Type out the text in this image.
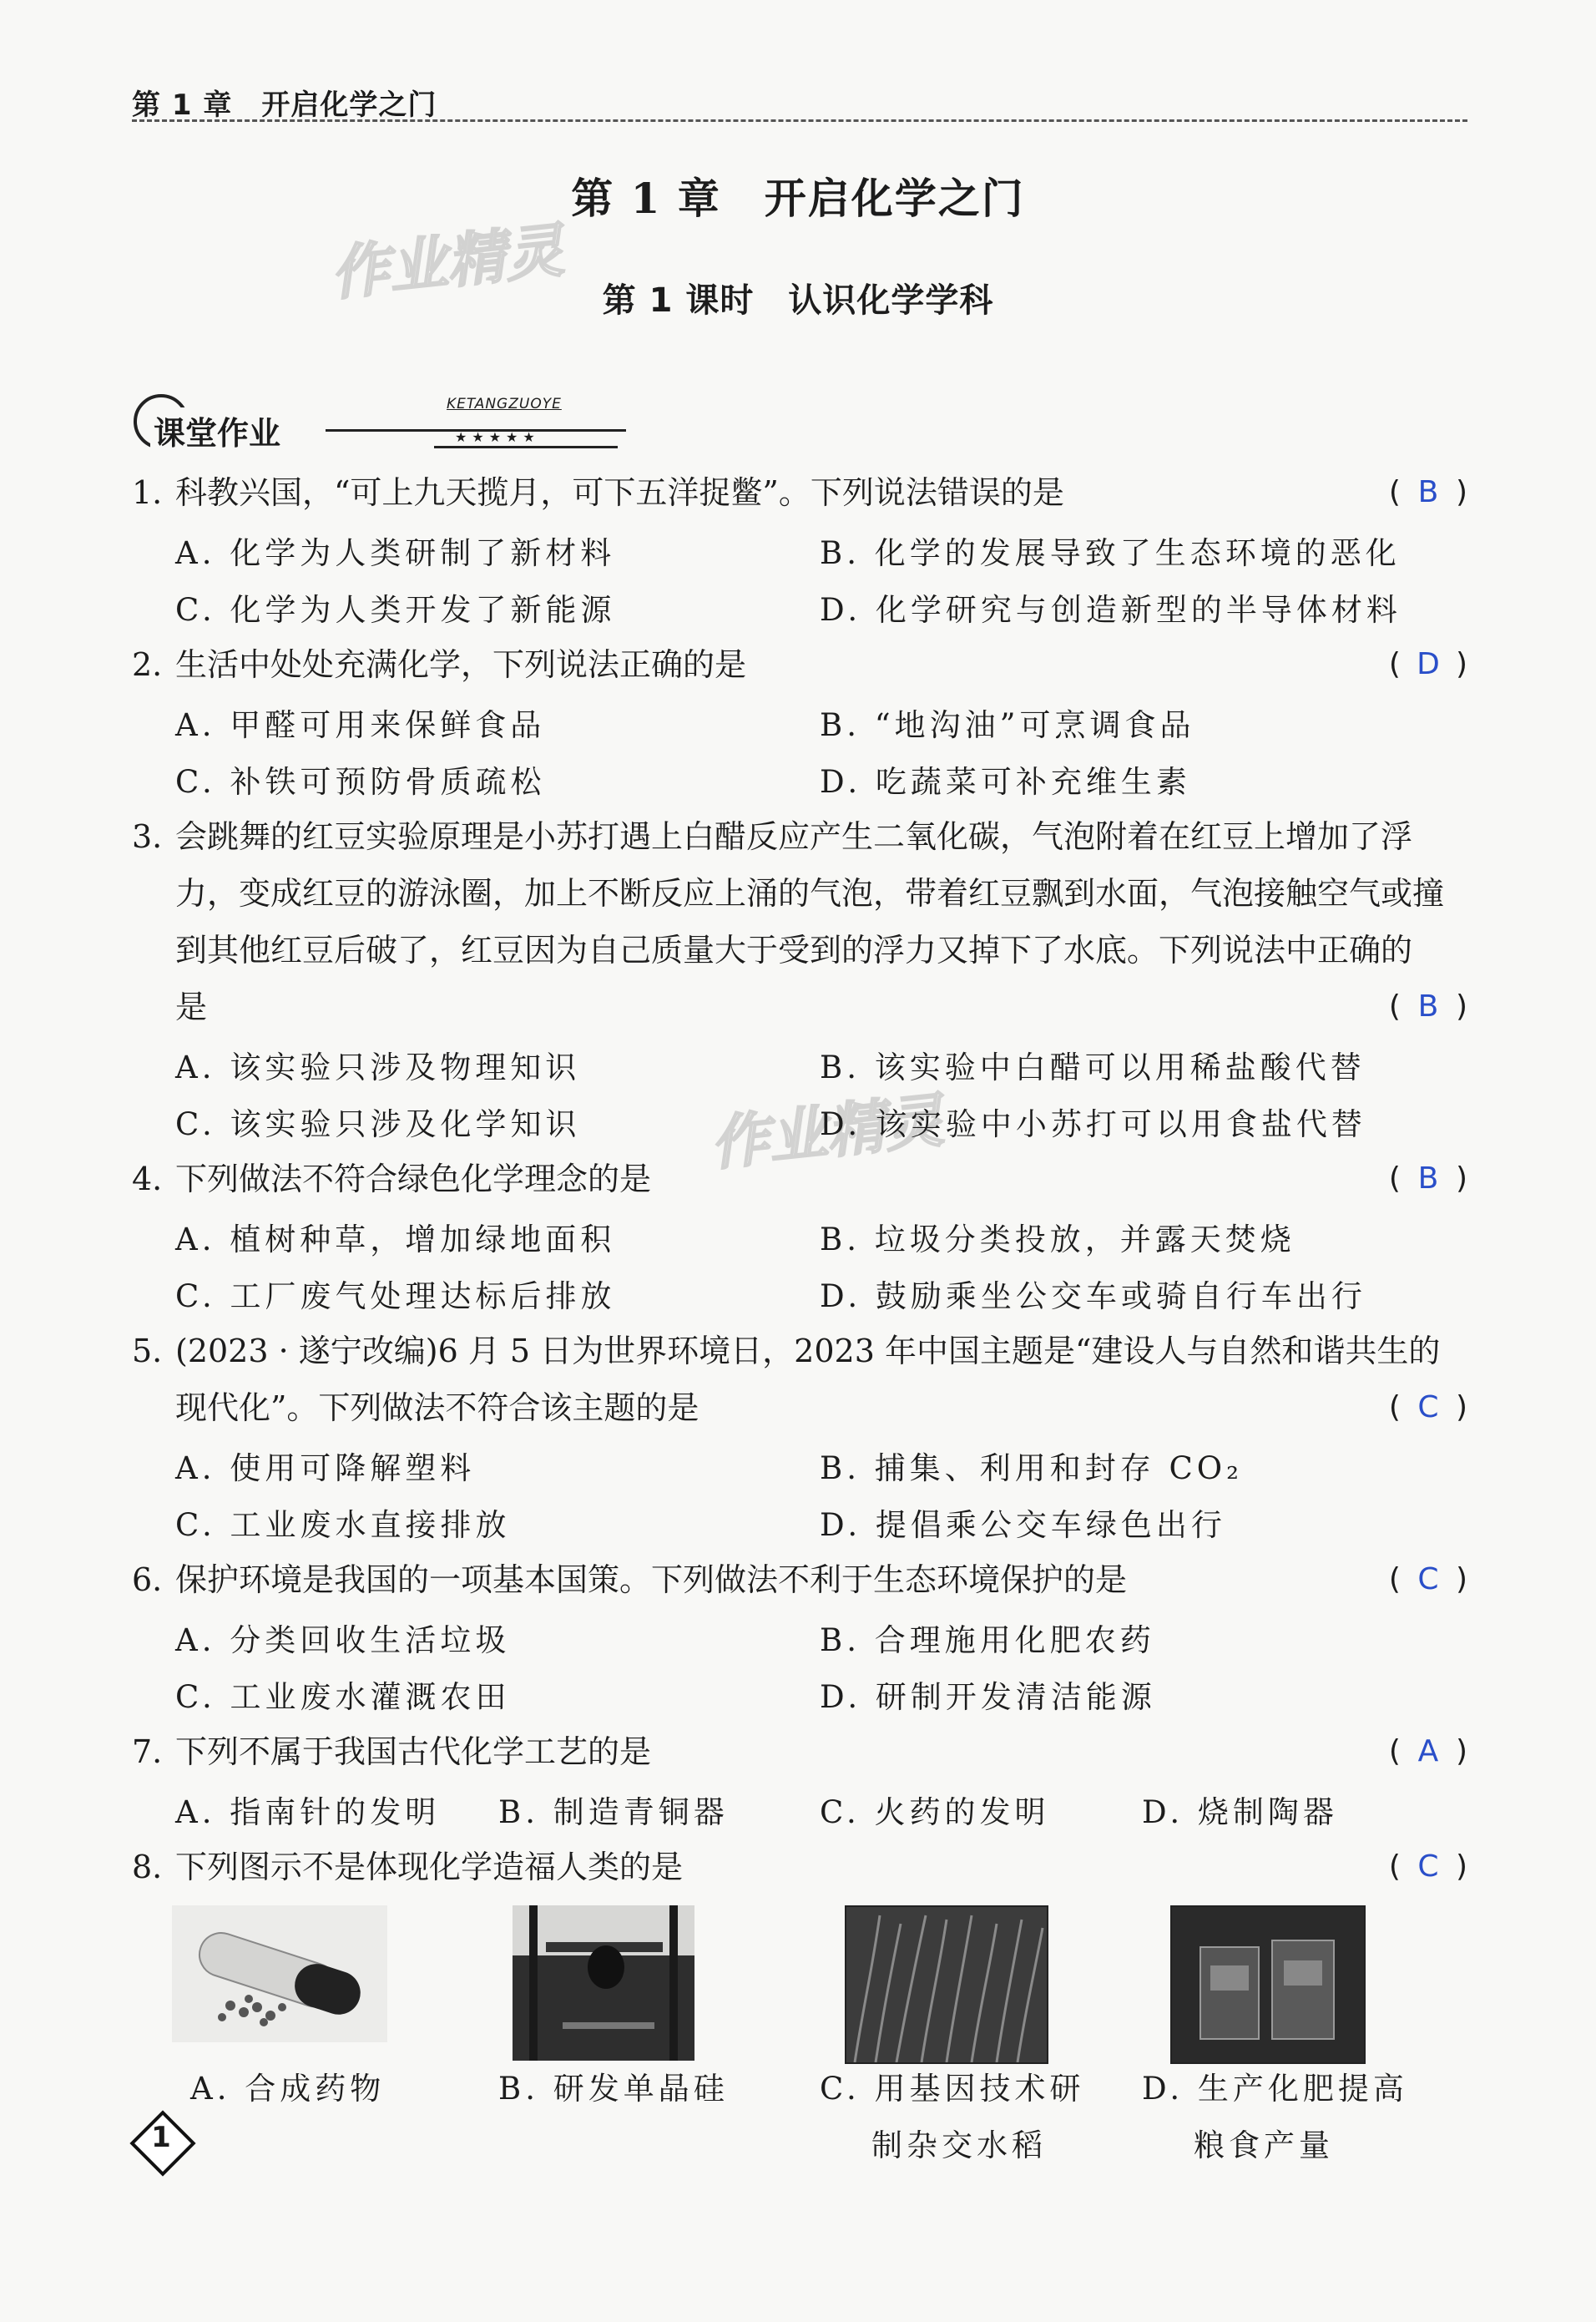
第 1 章　开启化学之门
作业精灵
作业精灵
第 1 章　开启化学之门
第 1 课时　认识化学学科
课堂作业
KETANGZUOYE
★★★★★
1. 科教兴国，“可上九天揽月，可下五洋捉鳖”。下列说法错误的是	( B )
A. 化学为人类研制了新材料	B. 化学的发展导致了生态环境的恶化
C. 化学为人类开发了新能源	D. 化学研究与创造新型的半导体材料
2. 生活中处处充满化学，下列说法正确的是	( D )
A. 甲醛可用来保鲜食品	B. “地沟油”可烹调食品
C. 补铁可预防骨质疏松	D. 吃蔬菜可补充维生素
3. 会跳舞的红豆实验原理是小苏打遇上白醋反应产生二氧化碳，气泡附着在红豆上增加了浮
力，变成红豆的游泳圈，加上不断反应上涌的气泡，带着红豆飘到水面，气泡接触空气或撞
到其他红豆后破了，红豆因为自己质量大于受到的浮力又掉下了水底。下列说法中正确的
是	( B )
A. 该实验只涉及物理知识	B. 该实验中白醋可以用稀盐酸代替
C. 该实验只涉及化学知识	D. 该实验中小苏打可以用食盐代替
4. 下列做法不符合绿色化学理念的是	( B )
A. 植树种草，增加绿地面积	B. 垃圾分类投放，并露天焚烧
C. 工厂废气处理达标后排放	D. 鼓励乘坐公交车或骑自行车出行
5. (2023 · 遂宁改编)6 月 5 日为世界环境日，2023 年中国主题是“建设人与自然和谐共生的
现代化”。下列做法不符合该主题的是	( C )
A. 使用可降解塑料	B. 捕集、利用和封存 CO₂
C. 工业废水直接排放	D. 提倡乘公交车绿色出行
6. 保护环境是我国的一项基本国策。下列做法不利于生态环境保护的是	( C )
A. 分类回收生活垃圾	B. 合理施用化肥农药
C. 工业废水灌溉农田	D. 研制开发清洁能源
7. 下列不属于我国古代化学工艺的是	( A )
A. 指南针的发明 B. 制造青铜器	C. 火药的发明	D. 烧制陶器
8. 下列图示不是体现化学造福人类的是	( C )
A. 合成药物	B. 研发单晶硅	C. 用基因技术研
制杂交水稻
D. 生产化肥提高
粮食产量
1
